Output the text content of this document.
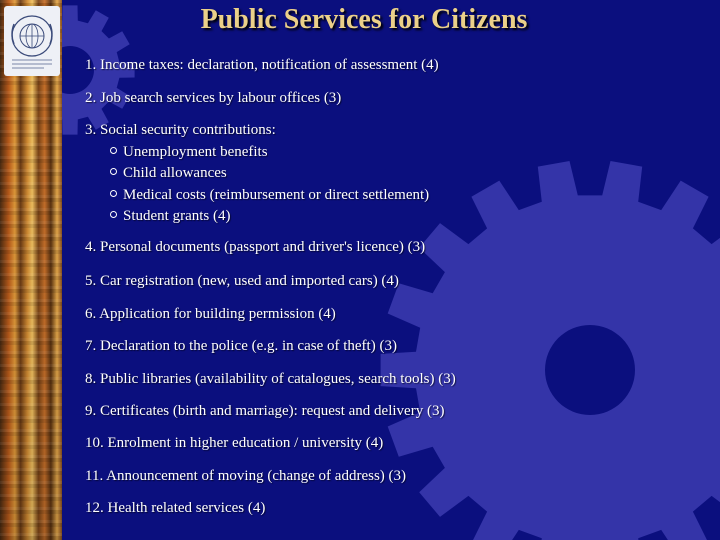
Public Services for Citizens
1. Income taxes: declaration, notification of assessment (4)
2. Job search services by labour offices (3)
3. Social security contributions:
Unemployment benefits
Child allowances
Medical costs (reimbursement or direct settlement)
Student grants (4)
4. Personal documents (passport and driver's licence) (3)
5. Car registration (new, used and imported cars) (4)
6. Application for building permission (4)
7. Declaration to the police (e.g. in case of theft) (3)
8. Public libraries (availability of catalogues, search tools) (3)
9. Certificates (birth and marriage): request and delivery (3)
10. Enrolment in higher education / university (4)
11. Announcement of moving (change of address) (3)
12. Health related services (4)
